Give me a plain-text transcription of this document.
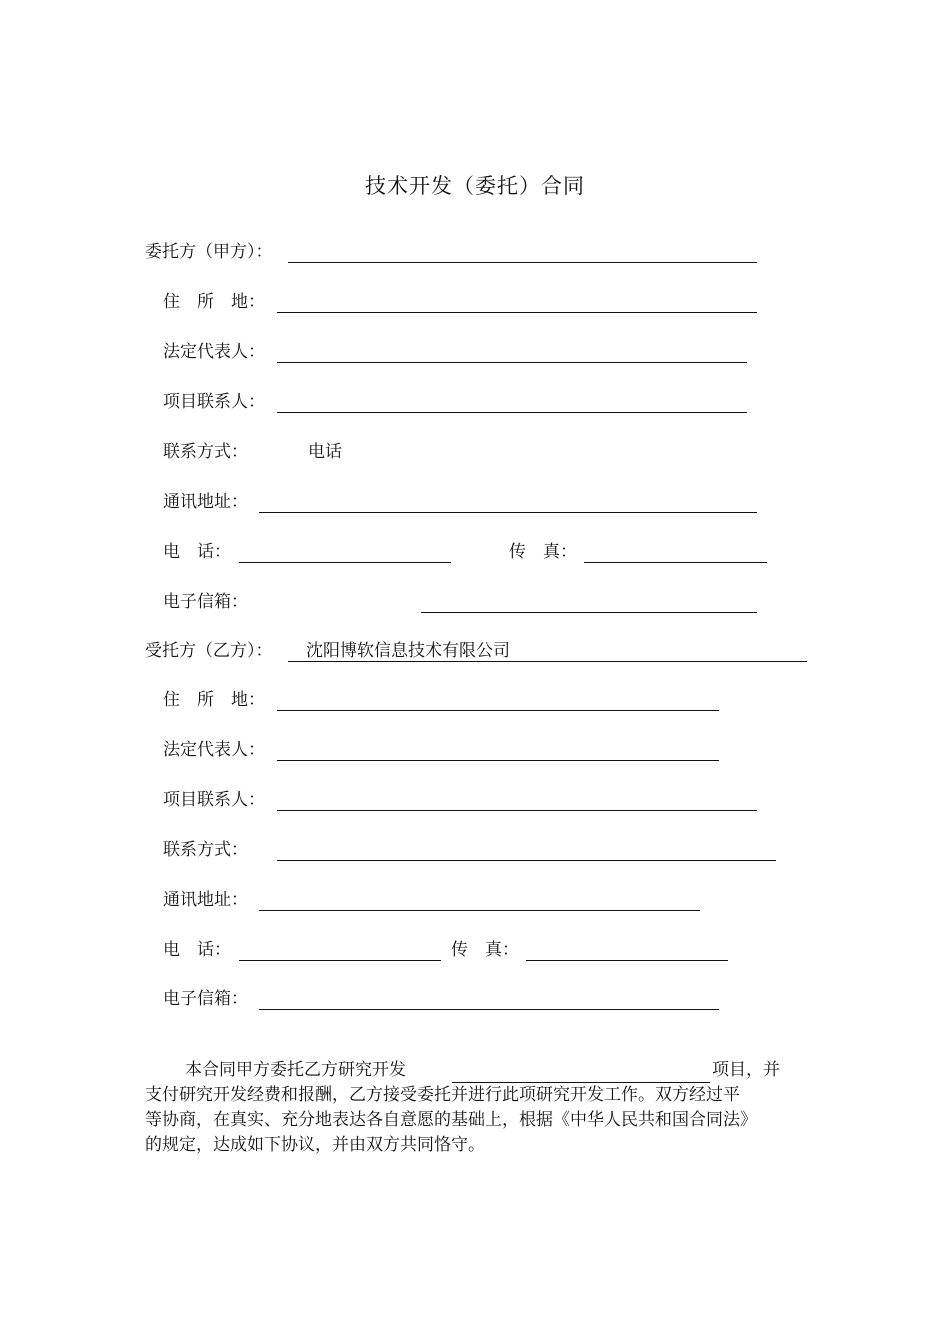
技术开发（委托）合同
委托方（甲方）：
住　所　地：
法定代表人：
项目联系人：
联系方式：	电话
通讯地址：
电　话：	传　真：
电子信箱：
受托方（乙方）： 沈阳博软信息技术有限公司
住　所　地：
法定代表人：
项目联系人：
联系方式：
通讯地址：
电　话：	传　真：
电子信箱：
本合同甲方委托乙方研究开发	项目，并
支付研究开发经费和报酬，乙方接受委托并进行此项研究开发工作。双方经过平
等协商，在真实、充分地表达各自意愿的基础上，根据《中华人民共和国合同法》
的规定，达成如下协议，并由双方共同恪守。
